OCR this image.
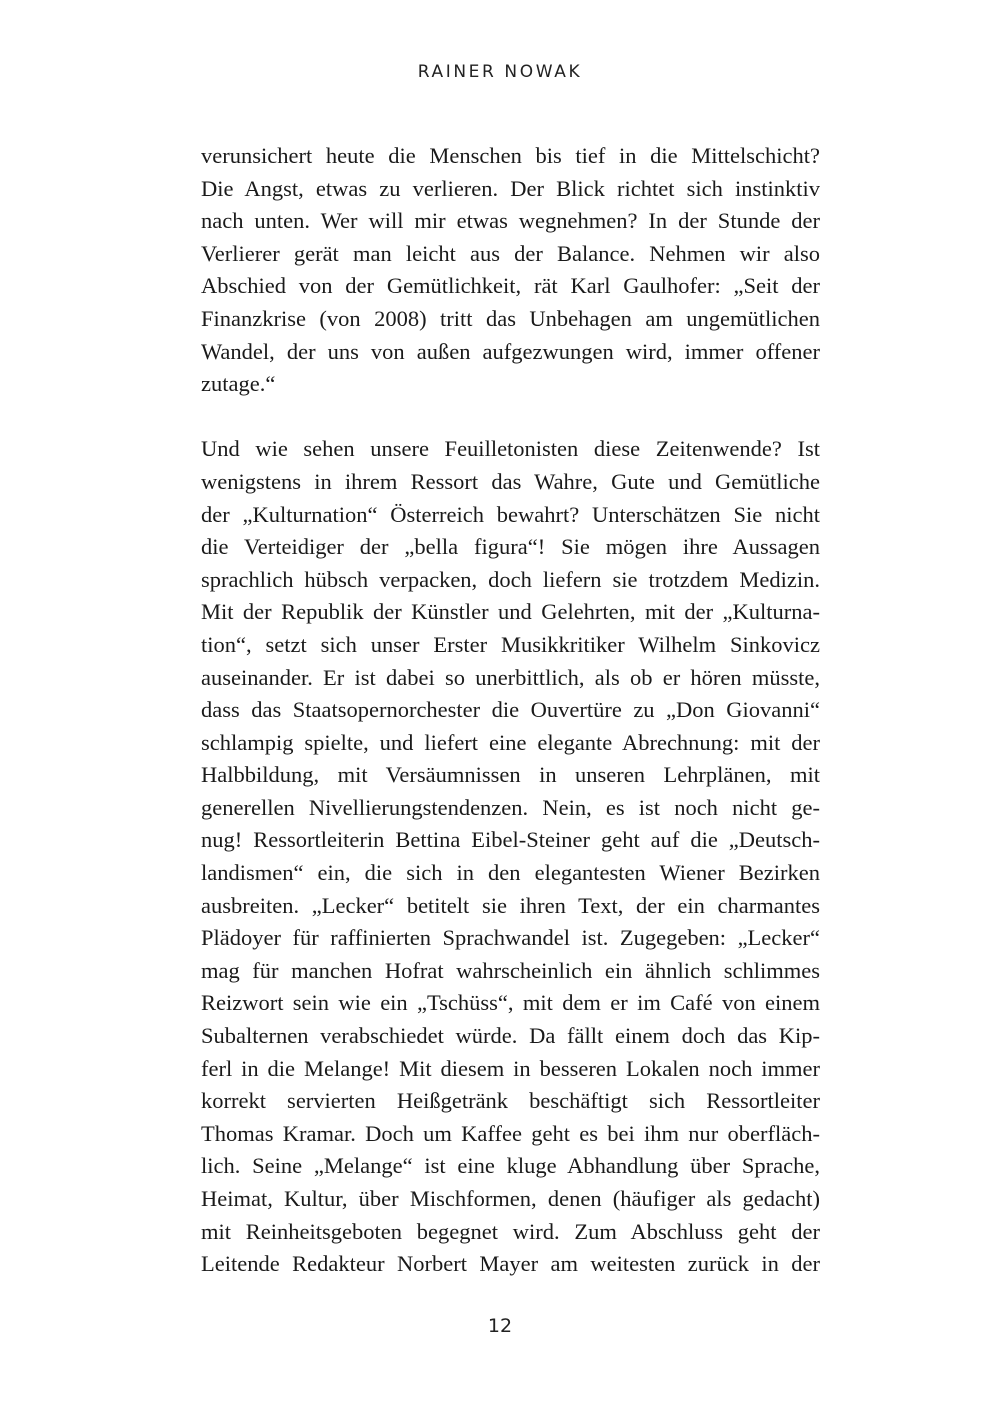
RAINER NOWAK

verunsichert heute die Menschen bis tief in die Mittelschicht?
Die Angst, etwas zu verlieren. Der Blick richtet sich instinktiv
nach unten. Wer will mir etwas wegnehmen? In der Stunde der
Verlierer gerät man leicht aus der Balance. Nehmen wir also
Abschied von der Gemütlichkeit, rät Karl Gaulhofer: „Seit der
Finanzkrise (von 2008) tritt das Unbehagen am ungemütlichen
Wandel, der uns von außen aufgezwungen wird, immer offener
zutage.“

Und wie sehen unsere Feuilletonisten diese Zeitenwende? Ist
wenigstens in ihrem Ressort das Wahre, Gute und Gemütliche
der „Kulturnation“ Österreich bewahrt? Unterschätzen Sie nicht
die Verteidiger der „bella figura“! Sie mögen ihre Aussagen
sprachlich hübsch verpacken, doch liefern sie trotzdem Medizin.
Mit der Republik der Künstler und Gelehrten, mit der „Kulturna-
tion“, setzt sich unser Erster Musikkritiker Wilhelm Sinkovicz
auseinander. Er ist dabei so unerbittlich, als ob er hören müsste,
dass das Staatsopernorchester die Ouvertüre zu „Don Giovanni“
schlampig spielte, und liefert eine elegante Abrechnung: mit der
Halbbildung, mit Versäumnissen in unseren Lehrplänen, mit
generellen Nivellierungstendenzen. Nein, es ist noch nicht ge-
nug! Ressortleiterin Bettina Eibel-Steiner geht auf die „Deutsch-
landismen“ ein, die sich in den elegantesten Wiener Bezirken
ausbreiten. „Lecker“ betitelt sie ihren Text, der ein charmantes
Plädoyer für raffinierten Sprachwandel ist. Zugegeben: „Lecker“
mag für manchen Hofrat wahrscheinlich ein ähnlich schlimmes
Reizwort sein wie ein „Tschüss“, mit dem er im Café von einem
Subalternen verabschiedet würde. Da fällt einem doch das Kip-
ferl in die Melange! Mit diesem in besseren Lokalen noch immer
korrekt servierten Heißgetränk beschäftigt sich Ressortleiter
Thomas Kramar. Doch um Kaffee geht es bei ihm nur oberfläch-
lich. Seine „Melange“ ist eine kluge Abhandlung über Sprache,
Heimat, Kultur, über Mischformen, denen (häufiger als gedacht)
mit Reinheitsgeboten begegnet wird. Zum Abschluss geht der
Leitende Redakteur Norbert Mayer am weitesten zurück in der

12
